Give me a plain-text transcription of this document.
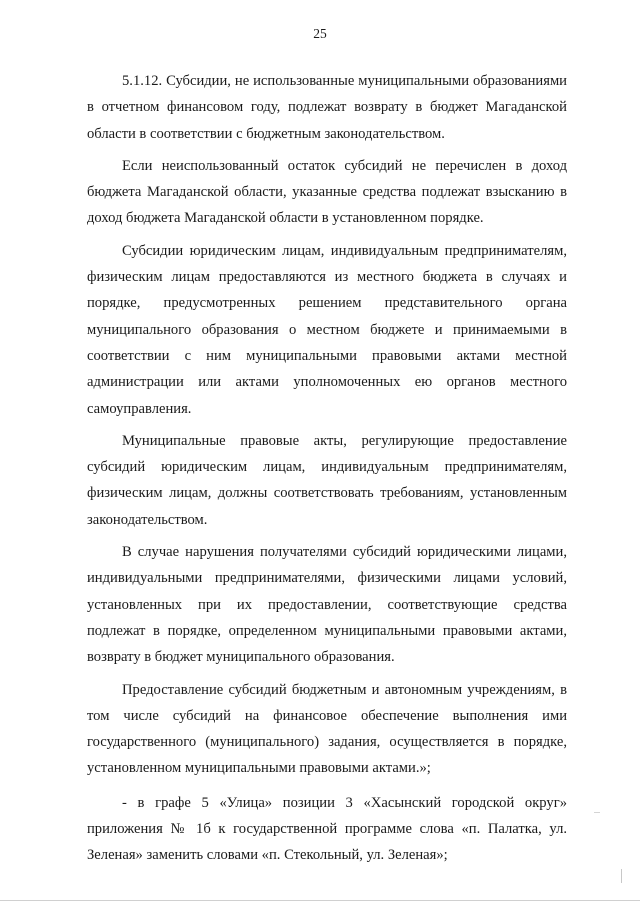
25

5.1.12. Субсидии, не использованные муниципальными образованиями в отчетном финансовом году, подлежат возврату в бюджет Магаданской области в соответствии с бюджетным законодательством.

Если неиспользованный остаток субсидий не перечислен в доход бюджета Магаданской области, указанные средства подлежат взысканию в доход бюджета Магаданской области в установленном порядке.

Субсидии юридическим лицам, индивидуальным предпринимателям, физическим лицам предоставляются из местного бюджета в случаях и порядке, предусмотренных решением представительного органа муниципального образования о местном бюджете и принимаемыми в соответствии с ним муниципальными правовыми актами местной администрации или актами уполномоченных ею органов местного самоуправления.

Муниципальные правовые акты, регулирующие предоставление субсидий юридическим лицам, индивидуальным предпринимателям, физическим лицам, должны соответствовать требованиям, установленным законодательством.

В случае нарушения получателями субсидий юридическими лицами, индивидуальными предпринимателями, физическими лицами условий, установленных при их предоставлении, соответствующие средства подлежат в порядке, определенном муниципальными правовыми актами, возврату в бюджет муниципального образования.

Предоставление субсидий бюджетным и автономным учреждениям, в том числе субсидий на финансовое обеспечение выполнения ими государственного (муниципального) задания, осуществляется в порядке, установленном муниципальными правовыми актами.»;

- в графе 5 «Улица» позиции 3 «Хасынский городской округ» приложения № 1б к государственной программе слова «п. Палатка, ул. Зеленая» заменить словами «п. Стекольный, ул. Зеленая»;
